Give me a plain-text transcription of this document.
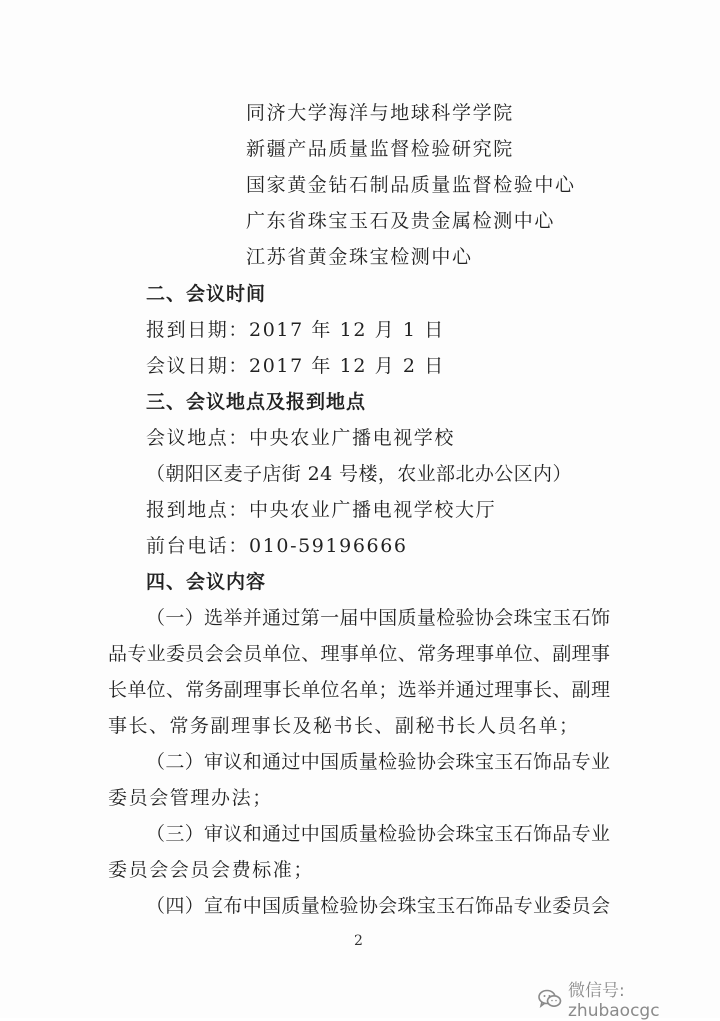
同济大学海洋与地球科学学院
新疆产品质量监督检验研究院
国家黄金钻石制品质量监督检验中心
广东省珠宝玉石及贵金属检测中心
江苏省黄金珠宝检测中心
二、会议时间
报到日期：2017 年 12 月 1 日
会议日期：2017 年 12 月 2 日
三、会议地点及报到地点
会议地点：中央农业广播电视学校
（朝阳区麦子店街 24 号楼，农业部北办公区内）
报到地点：中央农业广播电视学校大厅
前台电话：010-59196666
四、会议内容
（一）选举并通过第一届中国质量检验协会珠宝玉石饰
品专业委员会会员单位、理事单位、常务理事单位、副理事
长单位、常务副理事长单位名单；选举并通过理事长、副理
事长、常务副理事长及秘书长、副秘书长人员名单；
（二）审议和通过中国质量检验协会珠宝玉石饰品专业
委员会管理办法；
（三）审议和通过中国质量检验协会珠宝玉石饰品专业
委员会会员会费标准；
（四）宣布中国质量检验协会珠宝玉石饰品专业委员会
2
微信号: zhubaocgc
